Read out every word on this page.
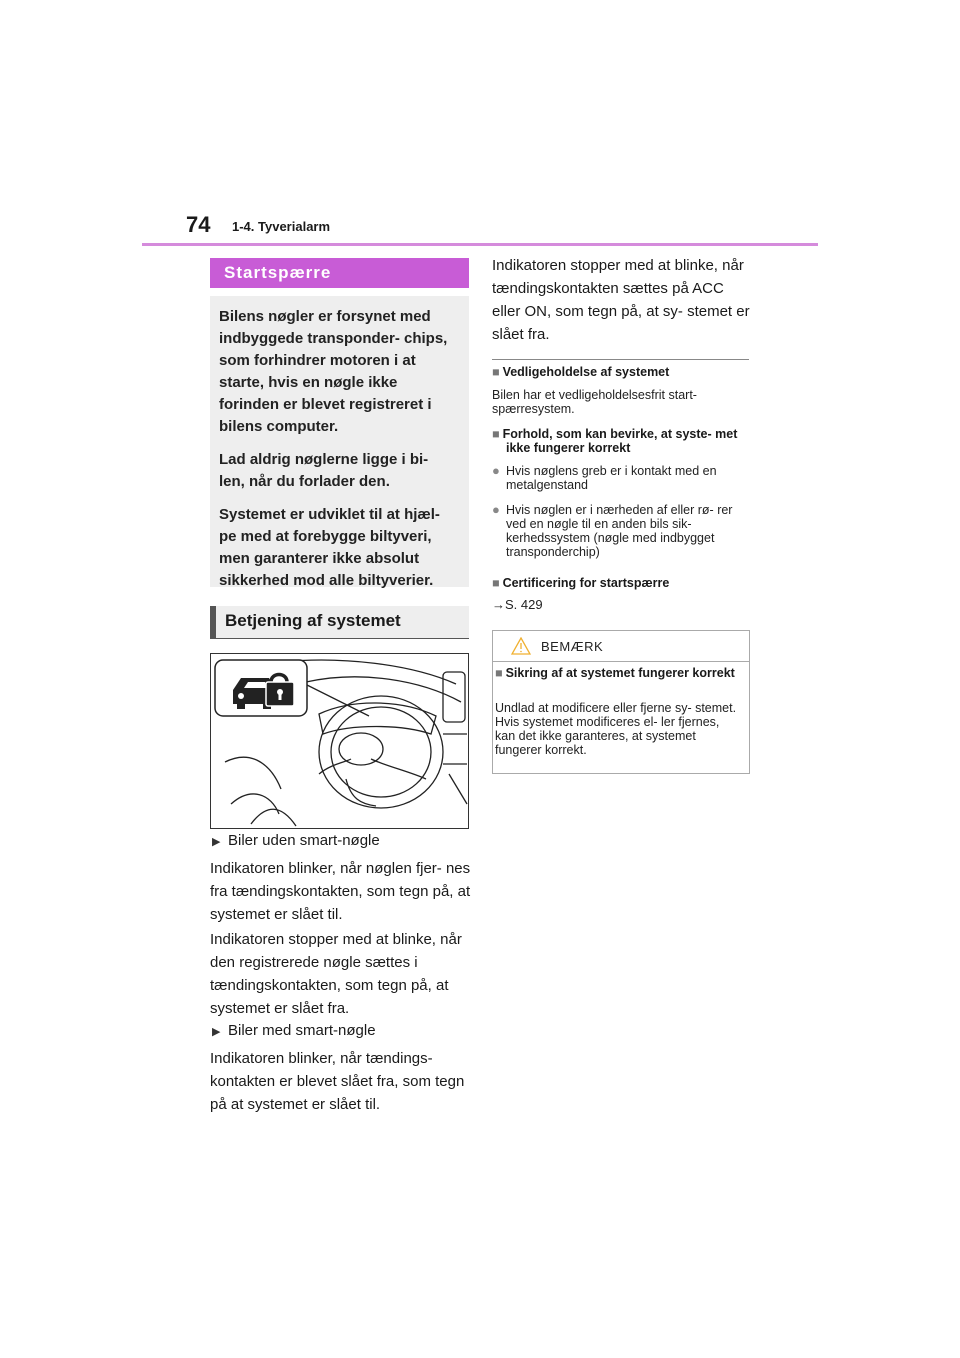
74 1-4. Tyverialarm
Startspærre

Bilens nøgler er forsynet med indbyggede transponder- chips, som forhindrer motoren i at starte, hvis en nøgle ikke forinden er blevet registreret i bilens computer.

Lad aldrig nøglerne ligge i bi- len, når du forlader den.

Systemet er udviklet til at hjæl- pe med at forebygge biltyveri, men garanterer ikke absolut sikkerhed mod alle biltyverier.

Betjening af systemet
▶ Biler uden smart-nøgle

Indikatoren blinker, når nøglen fjer- nes fra tændingskontakten, som tegn på, at systemet er slået til.

Indikatoren stopper med at blinke, når den registrerede nøgle sættes i tændingskontakten, som tegn på, at systemet er slået fra.

▶ Biler med smart-nøgle

Indikatoren blinker, når tændings- kontakten er blevet slået fra, som tegn på at systemet er slået til.

Indikatoren stopper med at blinke, når tændingskontakten sættes på ACC eller ON, som tegn på, at sy- stemet er slået fra.

■ Vedligeholdelse af systemet
Bilen har et vedligeholdelsesfrit start- spærresystem.
■ Forhold, som kan bevirke, at syste- met ikke fungerer korrekt
● Hvis nøglens greb er i kontakt med en metalgenstand
● Hvis nøglen er i nærheden af eller rø- rer ved en nøgle til en anden bils sik- kerhedssystem (nøgle med indbygget transponderchip)
■ Certificering for startspærre
→S. 429
BEMÆRK
■ Sikring af at systemet fungerer korrekt
Undlad at modificere eller fjerne sy- stemet. Hvis systemet modificeres el- ler fjernes, kan det ikke garanteres, at systemet fungerer korrekt.
